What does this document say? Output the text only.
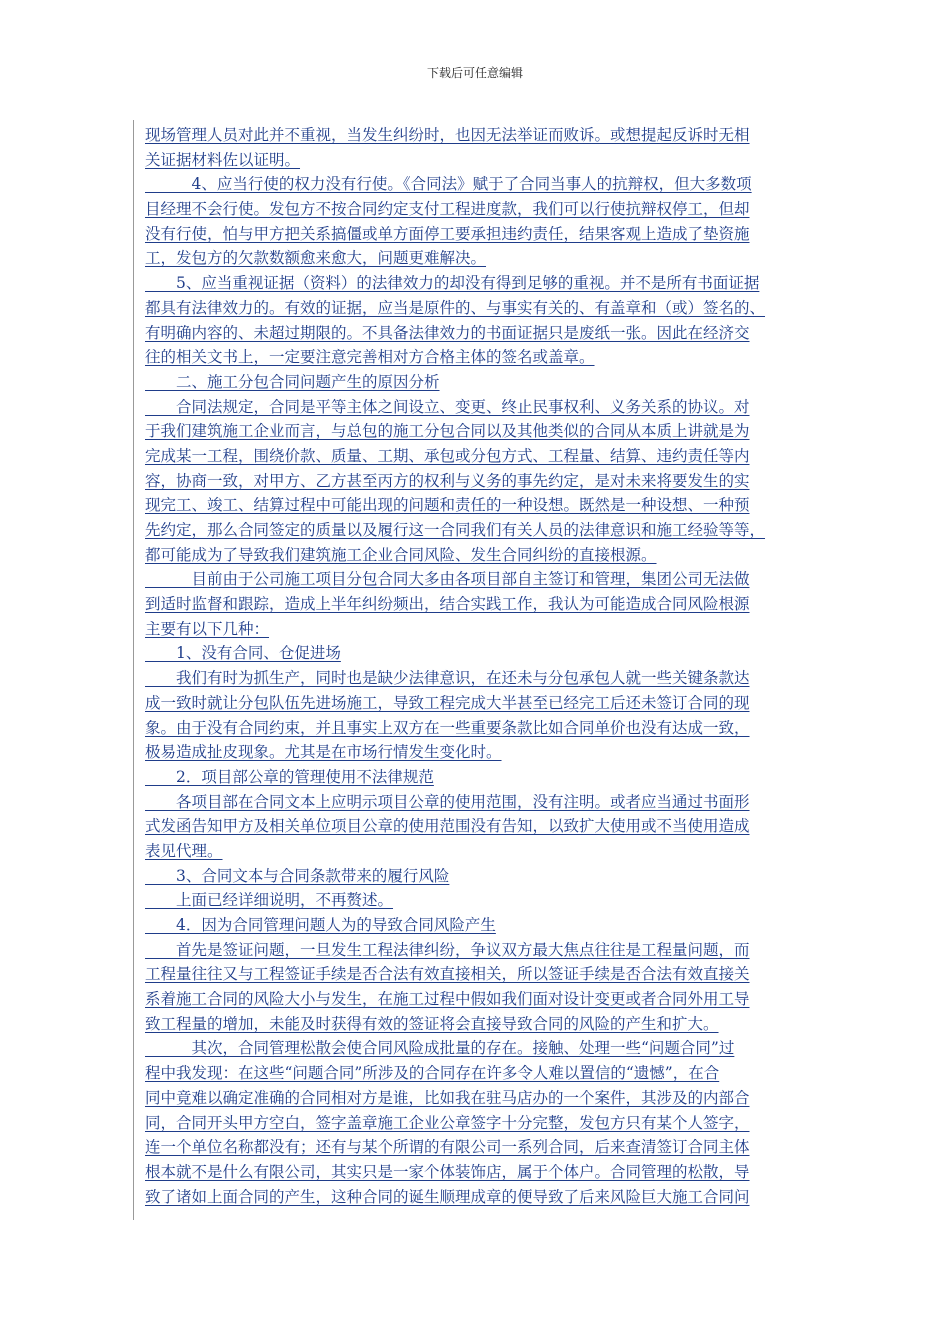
下载后可任意编辑
现场管理人员对此并不重视，当发生纠纷时，也因无法举证而败诉。或想提起反诉时无相
关证据材料佐以证明。
　　　4、应当行使的权力没有行使。《合同法》赋于了合同当事人的抗辩权，但大多数项
目经理不会行使。发包方不按合同约定支付工程进度款，我们可以行使抗辩权停工，但却
没有行使，怕与甲方把关系搞僵或单方面停工要承担违约责任，结果客观上造成了垫资施
工，发包方的欠款数额愈来愈大，问题更难解决。
　　5、应当重视证据（资料）的法律效力的却没有得到足够的重视。并不是所有书面证据
都具有法律效力的。有效的证据，应当是原件的、与事实有关的、有盖章和（或）签名的、
有明确内容的、未超过期限的。不具备法律效力的书面证据只是废纸一张。因此在经济交
往的相关文书上，一定要注意完善相对方合格主体的签名或盖章。
　　二、施工分包合同问题产生的原因分析
　　合同法规定，合同是平等主体之间设立、变更、终止民事权利、义务关系的协议。对
于我们建筑施工企业而言，与总包的施工分包合同以及其他类似的合同从本质上讲就是为
完成某一工程，围绕价款、质量、工期、承包或分包方式、工程量、结算、违约责任等内
容，协商一致，对甲方、乙方甚至丙方的权利与义务的事先约定，是对未来将要发生的实
现完工、竣工、结算过程中可能出现的问题和责任的一种设想。既然是一种设想、一种预
先约定，那么合同签定的质量以及履行这一合同我们有关人员的法律意识和施工经验等等，
都可能成为了导致我们建筑施工企业合同风险、发生合同纠纷的直接根源。
　　　目前由于公司施工项目分包合同大多由各项目部自主签订和管理，集团公司无法做
到适时监督和跟踪，造成上半年纠纷频出，结合实践工作，我认为可能造成合同风险根源
主要有以下几种：
　　1、没有合同、仓促进场
　　我们有时为抓生产，同时也是缺少法律意识，在还未与分包承包人就一些关键条款达
成一致时就让分包队伍先进场施工，导致工程完成大半甚至已经完工后还未签订合同的现
象。由于没有合同约束，并且事实上双方在一些重要条款比如合同单价也没有达成一致，
极易造成扯皮现象。尤其是在市场行情发生变化时。
　　2．项目部公章的管理使用不法律规范
　　各项目部在合同文本上应明示项目公章的使用范围，没有注明。或者应当通过书面形
式发函告知甲方及相关单位项目公章的使用范围没有告知，以致扩大使用或不当使用造成
表见代理。
　　3、合同文本与合同条款带来的履行风险
　　上面已经详细说明，不再赘述。
　　4．因为合同管理问题人为的导致合同风险产生
　　首先是签证问题，一旦发生工程法律纠纷，争议双方最大焦点往往是工程量问题，而
工程量往往又与工程签证手续是否合法有效直接相关，所以签证手续是否合法有效直接关
系着施工合同的风险大小与发生，在施工过程中假如我们面对设计变更或者合同外用工导
致工程量的增加，未能及时获得有效的签证将会直接导致合同的风险的产生和扩大。
　　　其次，合同管理松散会使合同风险成批量的存在。接触、处理一些“问题合同”过
程中我发现：在这些“问题合同”所涉及的合同存在许多令人难以置信的“遗憾”，在合
同中竟难以确定准确的合同相对方是谁，比如我在驻马店办的一个案件，其涉及的内部合
同，合同开头甲方空白，签字盖章施工企业公章签字十分完整，发包方只有某个人签字，
连一个单位名称都没有；还有与某个所谓的有限公司一系列合同，后来查清签订合同主体
根本就不是什么有限公司，其实只是一家个体装饰店，属于个体户。合同管理的松散，导
致了诸如上面合同的产生，这种合同的诞生顺理成章的便导致了后来风险巨大施工合同问
